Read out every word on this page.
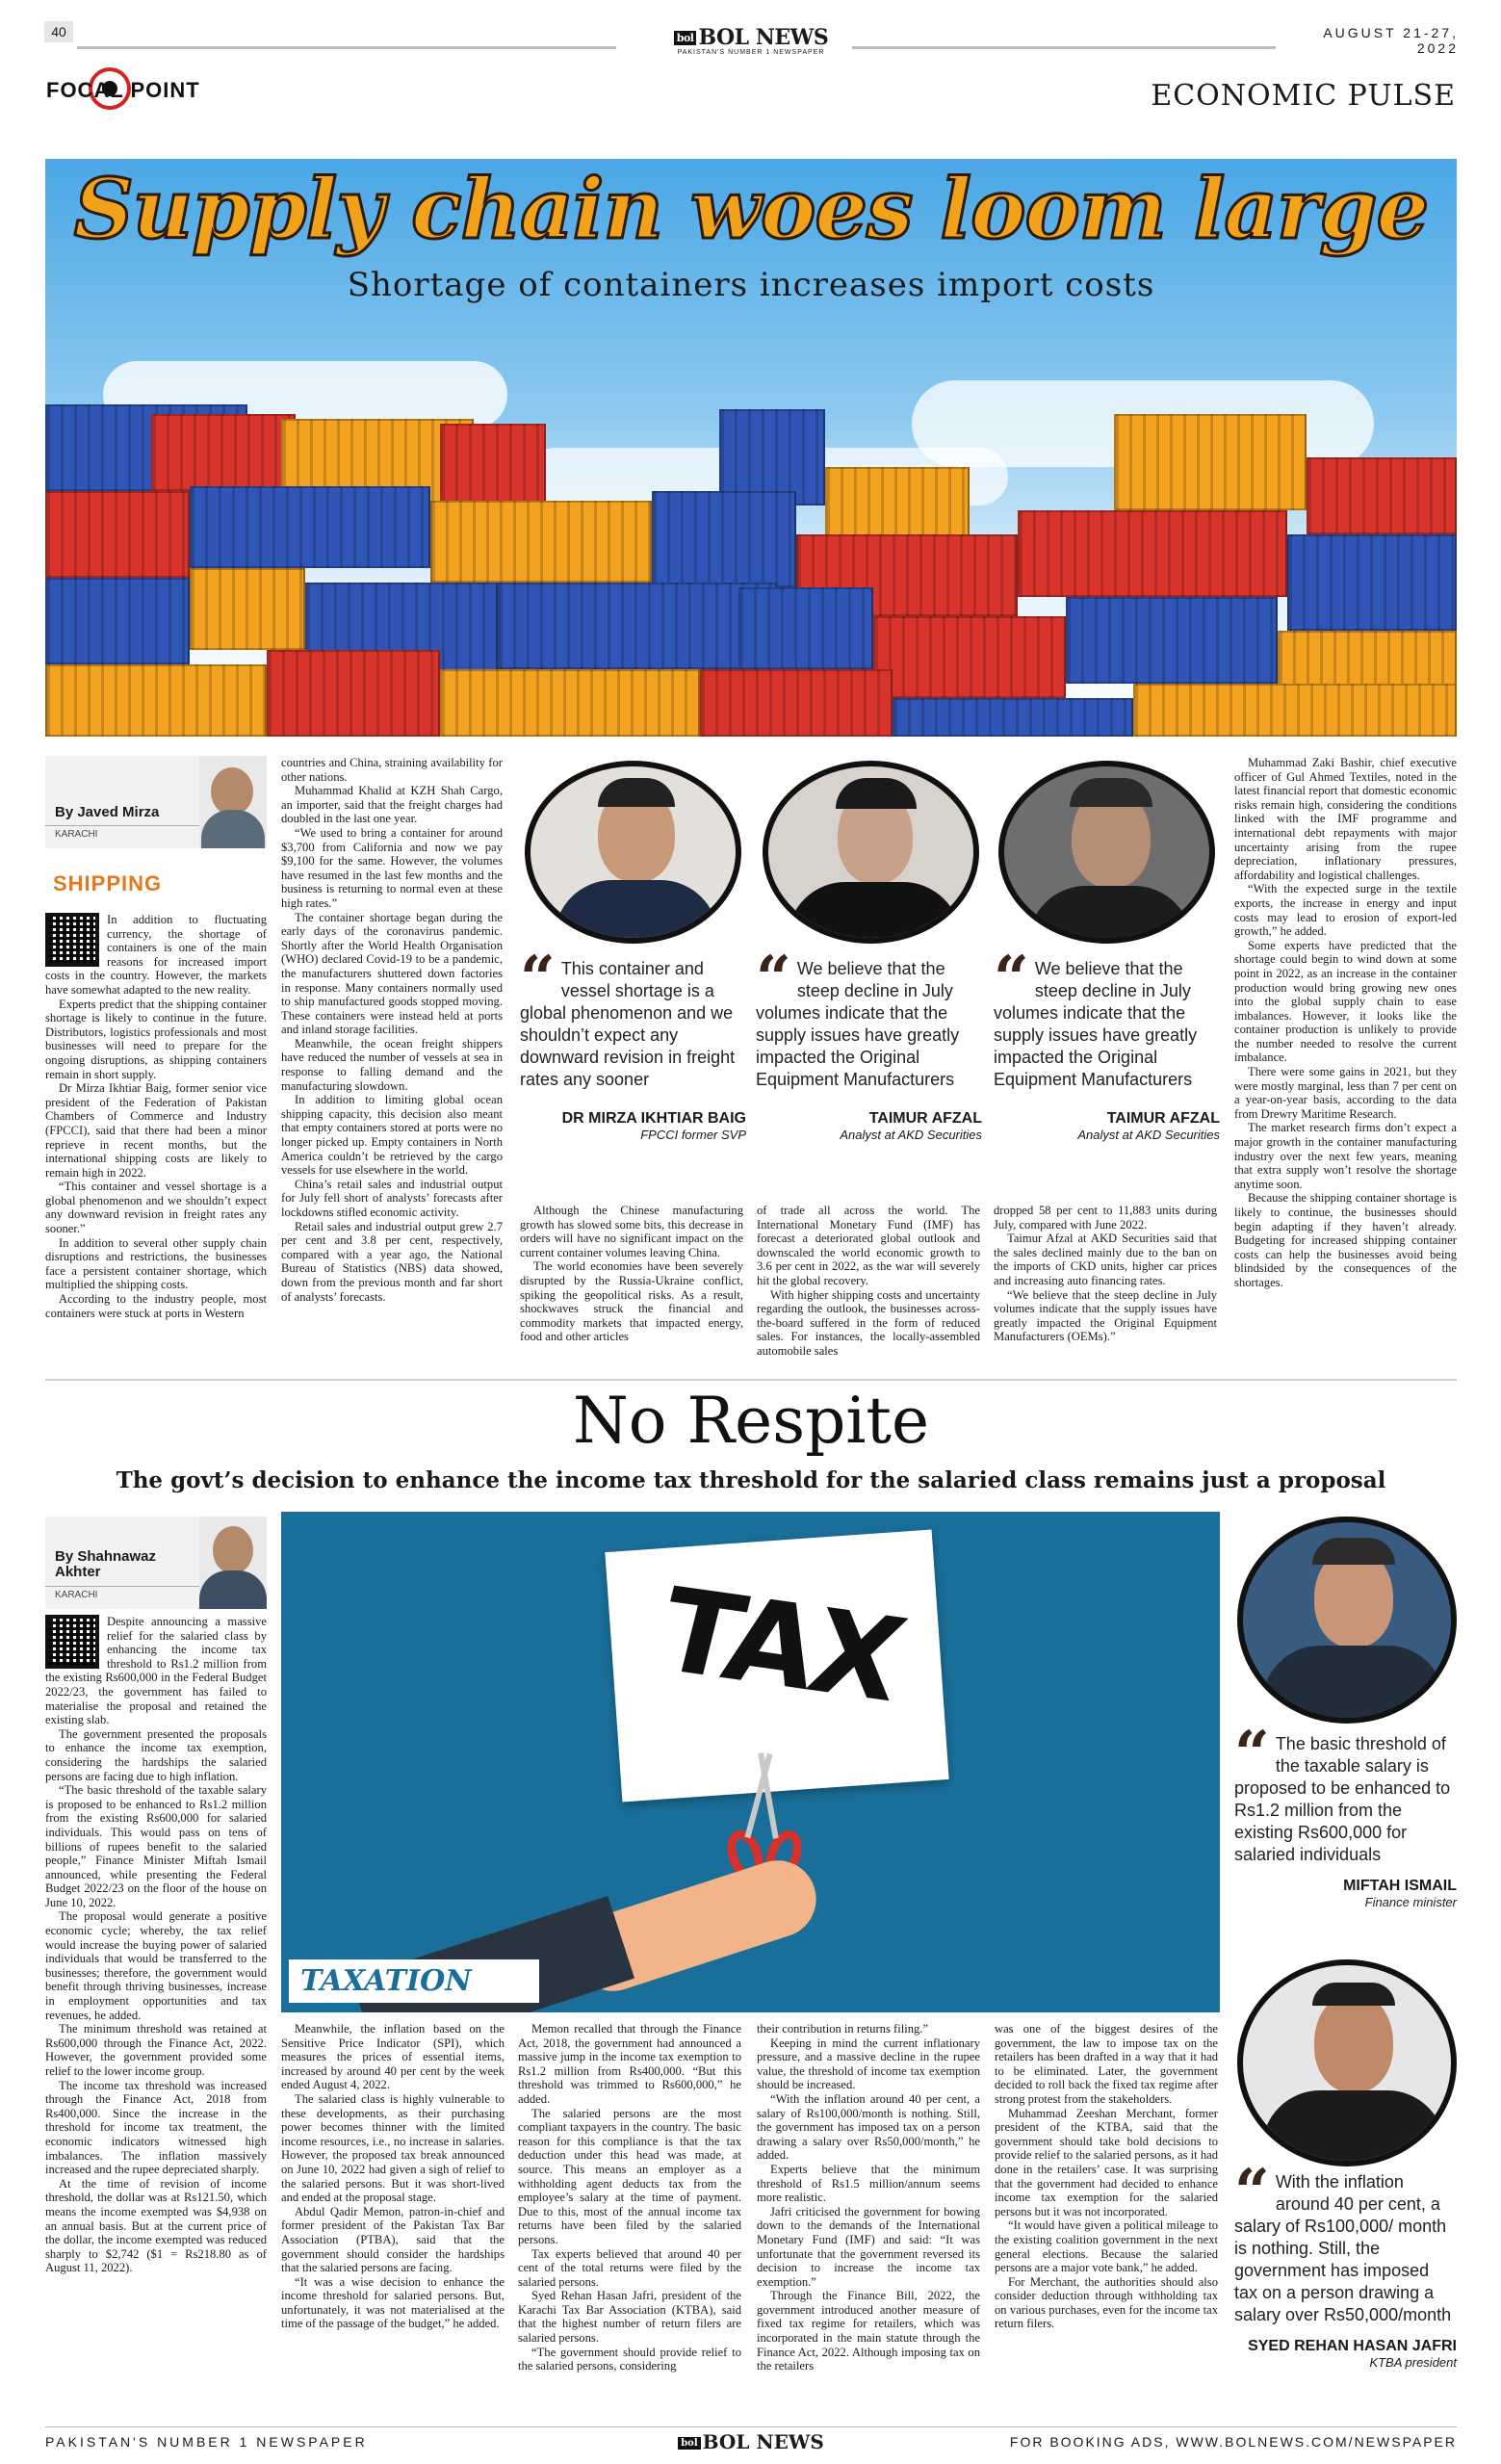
40	bol BOL NEWS
PAKISTAN'S NUMBER 1 NEWSPAPER
AUGUST 21-27, 2022
FOCAL POINT	ECONOMIC PULSE
Supply chain woes loom large
Shortage of containers increases import costs
By Javed Mirza
KARACHI
SHIPPING

In addition to fluctuating currency, the shortage of containers is one of the main reasons for increased import costs in the country. However, the markets have somewhat adapted to the new reality.

Experts predict that the shipping container shortage is likely to continue in the future. Distributors, logistics professionals and most businesses will need to prepare for the ongoing disruptions, as shipping containers remain in short supply.

Dr Mirza Ikhtiar Baig, former senior vice president of the Federation of Pakistan Chambers of Commerce and Industry (FPCCI), said that there had been a minor reprieve in recent months, but the international shipping costs are likely to remain high in 2022.

“This container and vessel shortage is a global phenomenon and we shouldn’t expect any downward revision in freight rates any sooner.”

In addition to several other supply chain disruptions and restrictions, the businesses face a persistent container shortage, which multiplied the shipping costs.

According to the industry people, most containers were stuck at ports in Western

countries and China, straining availability for other nations.

Muhammad Khalid at KZH Shah Cargo, an importer, said that the freight charges had doubled in the last one year.

“We used to bring a container for around $3,700 from California and now we pay $9,100 for the same. However, the volumes have resumed in the last few months and the business is returning to normal even at these high rates.”

The container shortage began during the early days of the coronavirus pandemic. Shortly after the World Health Organisation (WHO) declared Covid-19 to be a pandemic, the manufacturers shuttered down factories in response. Many containers normally used to ship manufactured goods stopped moving. These containers were instead held at ports and inland storage facilities.

Meanwhile, the ocean freight shippers have reduced the number of vessels at sea in response to falling demand and the manufacturing slowdown.

In addition to limiting global ocean shipping capacity, this decision also meant that empty containers stored at ports were no longer picked up. Empty containers in North America couldn’t be retrieved by the cargo vessels for use elsewhere in the world.

China’s retail sales and industrial output for July fell short of analysts’ forecasts after lockdowns stifled economic activity.

Retail sales and industrial output grew 2.7 per cent and 3.8 per cent, respectively, compared with a year ago, the National Bureau of Statistics (NBS) data showed, down from the previous month and far short of analysts’ forecasts.

“ This container and vessel shortage is a global phenomenon and we shouldn’t expect any downward revision in freight rates any sooner
DR MIRZA IKHTIAR BAIG
FPCCI former SVP
“ We believe that the steep decline in July volumes indicate that the supply issues have greatly impacted the Original Equipment Manufacturers
TAIMUR AFZAL
Analyst at AKD Securities
“ We believe that the steep decline in July volumes indicate that the supply issues have greatly impacted the Original Equipment Manufacturers
TAIMUR AFZAL
Analyst at AKD Securities

Although the Chinese manufacturing growth has slowed some bits, this decrease in orders will have no significant impact on the current container volumes leaving China.

The world economies have been severely disrupted by the Russia-Ukraine conflict, spiking the geopolitical risks. As a result, shockwaves struck the financial and commodity markets that impacted energy, food and other articles

of trade all across the world. The International Monetary Fund (IMF) has forecast a deteriorated global outlook and downscaled the world economic growth to 3.6 per cent in 2022, as the war will severely hit the global recovery.

With higher shipping costs and uncertainty regarding the outlook, the businesses across-the-board suffered in the form of reduced sales. For instances, the locally-assembled automobile sales

dropped 58 per cent to 11,883 units during July, compared with June 2022.

Taimur Afzal at AKD Securities said that the sales declined mainly due to the ban on the imports of CKD units, higher car prices and increasing auto financing rates.

“We believe that the steep decline in July volumes indicate that the supply issues have greatly impacted the Original Equipment Manufacturers (OEMs).”

Muhammad Zaki Bashir, chief executive officer of Gul Ahmed Textiles, noted in the latest financial report that domestic economic risks remain high, considering the conditions linked with the IMF programme and international debt repayments with major uncertainty arising from the rupee depreciation, inflationary pressures, affordability and logistical challenges.

“With the expected surge in the textile exports, the increase in energy and input costs may lead to erosion of export-led growth,” he added.

Some experts have predicted that the shortage could begin to wind down at some point in 2022, as an increase in the container production would bring growing new ones into the global supply chain to ease imbalances. However, it looks like the container production is unlikely to provide the number needed to resolve the current imbalance.

There were some gains in 2021, but they were mostly marginal, less than 7 per cent on a year-on-year basis, according to the data from Drewry Maritime Research.

The market research firms don’t expect a major growth in the container manufacturing industry over the next few years, meaning that extra supply won’t resolve the shortage anytime soon.

Because the shipping container shortage is likely to continue, the businesses should begin adapting if they haven’t already. Budgeting for increased shipping container costs can help the businesses avoid being blindsided by the consequences of the shortages.

No Respite
The govt’s decision to enhance the income tax threshold for the salaried class remains just a proposal
By Shahnawaz Akhter
KARACHI

Despite announcing a massive relief for the salaried class by enhancing the income tax threshold to Rs1.2 million from the existing Rs600,000 in the Federal Budget 2022/23, the government has failed to materialise the proposal and retained the existing slab.

The government presented the proposals to enhance the income tax exemption, considering the hardships the salaried persons are facing due to high inflation.

“The basic threshold of the taxable salary is proposed to be enhanced to Rs1.2 million from the existing Rs600,000 for salaried individuals. This would pass on tens of billions of rupees benefit to the salaried people,” Finance Minister Miftah Ismail announced, while presenting the Federal Budget 2022/23 on the floor of the house on June 10, 2022.

The proposal would generate a positive economic cycle; whereby, the tax relief would increase the buying power of salaried individuals that would be transferred to the businesses; therefore, the government would benefit through thriving businesses, increase in employment opportunities and tax revenues, he added.

The minimum threshold was retained at Rs600,000 through the Finance Act, 2022. However, the government provided some relief to the lower income group.

The income tax threshold was increased through the Finance Act, 2018 from Rs400,000. Since the increase in the threshold for income tax treatment, the economic indicators witnessed high imbalances. The inflation massively increased and the rupee depreciated sharply.

At the time of revision of income threshold, the dollar was at Rs121.50, which means the income exempted was $4,938 on an annual basis. But at the current price of the dollar, the income exempted was reduced sharply to $2,742 ($1 = Rs218.80 as of August 11, 2022).

TAX
TAXATION

Meanwhile, the inflation based on the Sensitive Price Indicator (SPI), which measures the prices of essential items, increased by around 40 per cent by the week ended August 4, 2022.

The salaried class is highly vulnerable to these developments, as their purchasing power becomes thinner with the limited income resources, i.e., no increase in salaries. However, the proposed tax break announced on June 10, 2022 had given a sigh of relief to the salaried persons. But it was short-lived and ended at the proposal stage.

Abdul Qadir Memon, patron-in-chief and former president of the Pakistan Tax Bar Association (PTBA), said that the government should consider the hardships that the salaried persons are facing.

“It was a wise decision to enhance the income threshold for salaried persons. But, unfortunately, it was not materialised at the time of the passage of the budget,” he added.

Memon recalled that through the Finance Act, 2018, the government had announced a massive jump in the income tax exemption to Rs1.2 million from Rs400,000. “But this threshold was trimmed to Rs600,000,” he added.

The salaried persons are the most compliant taxpayers in the country. The basic reason for this compliance is that the tax deduction under this head was made, at source. This means an employer as a withholding agent deducts tax from the employee’s salary at the time of payment. Due to this, most of the annual income tax returns have been filed by the salaried persons.

Tax experts believed that around 40 per cent of the total returns were filed by the salaried persons.

Syed Rehan Hasan Jafri, president of the Karachi Tax Bar Association (KTBA), said that the highest number of return filers are salaried persons.

“The government should provide relief to the salaried persons, considering

their contribution in returns filing.”

Keeping in mind the current inflationary pressure, and a massive decline in the rupee value, the threshold of income tax exemption should be increased.

“With the inflation around 40 per cent, a salary of Rs100,000/month is nothing. Still, the government has imposed tax on a person drawing a salary over Rs50,000/month,” he added.

Experts believe that the minimum threshold of Rs1.5 million/annum seems more realistic.

Jafri criticised the government for bowing down to the demands of the International Monetary Fund (IMF) and said: “It was unfortunate that the government reversed its decision to increase the income tax exemption.”

Through the Finance Bill, 2022, the government introduced another measure of fixed tax regime for retailers, which was incorporated in the main statute through the Finance Act, 2022. Although imposing tax on the retailers

was one of the biggest desires of the government, the law to impose tax on the retailers has been drafted in a way that it had to be eliminated. Later, the government decided to roll back the fixed tax regime after strong protest from the stakeholders.

Muhammad Zeeshan Merchant, former president of the KTBA, said that the government should take bold decisions to provide relief to the salaried persons, as it had done in the retailers’ case. It was surprising that the government had decided to enhance income tax exemption for the salaried persons but it was not incorporated.

“It would have given a political mileage to the existing coalition government in the next general elections. Because the salaried persons are a major vote bank,” he added.

For Merchant, the authorities should also consider deduction through withholding tax on various purchases, even for the income tax return filers.

“ The basic threshold of the taxable salary is proposed to be enhanced to Rs1.2 million from the existing Rs600,000 for salaried individuals
MIFTAH ISMAIL
Finance minister
“ With the inflation around 40 per cent, a salary of Rs100,000/ month is nothing. Still, the government has imposed tax on a person drawing a salary over Rs50,000/month
SYED REHAN HASAN JAFRI
KTBA president
PAKISTAN'S NUMBER 1 NEWSPAPER	bol BOL NEWS	FOR BOOKING ADS, WWW.BOLNEWS.COM/NEWSPAPER
